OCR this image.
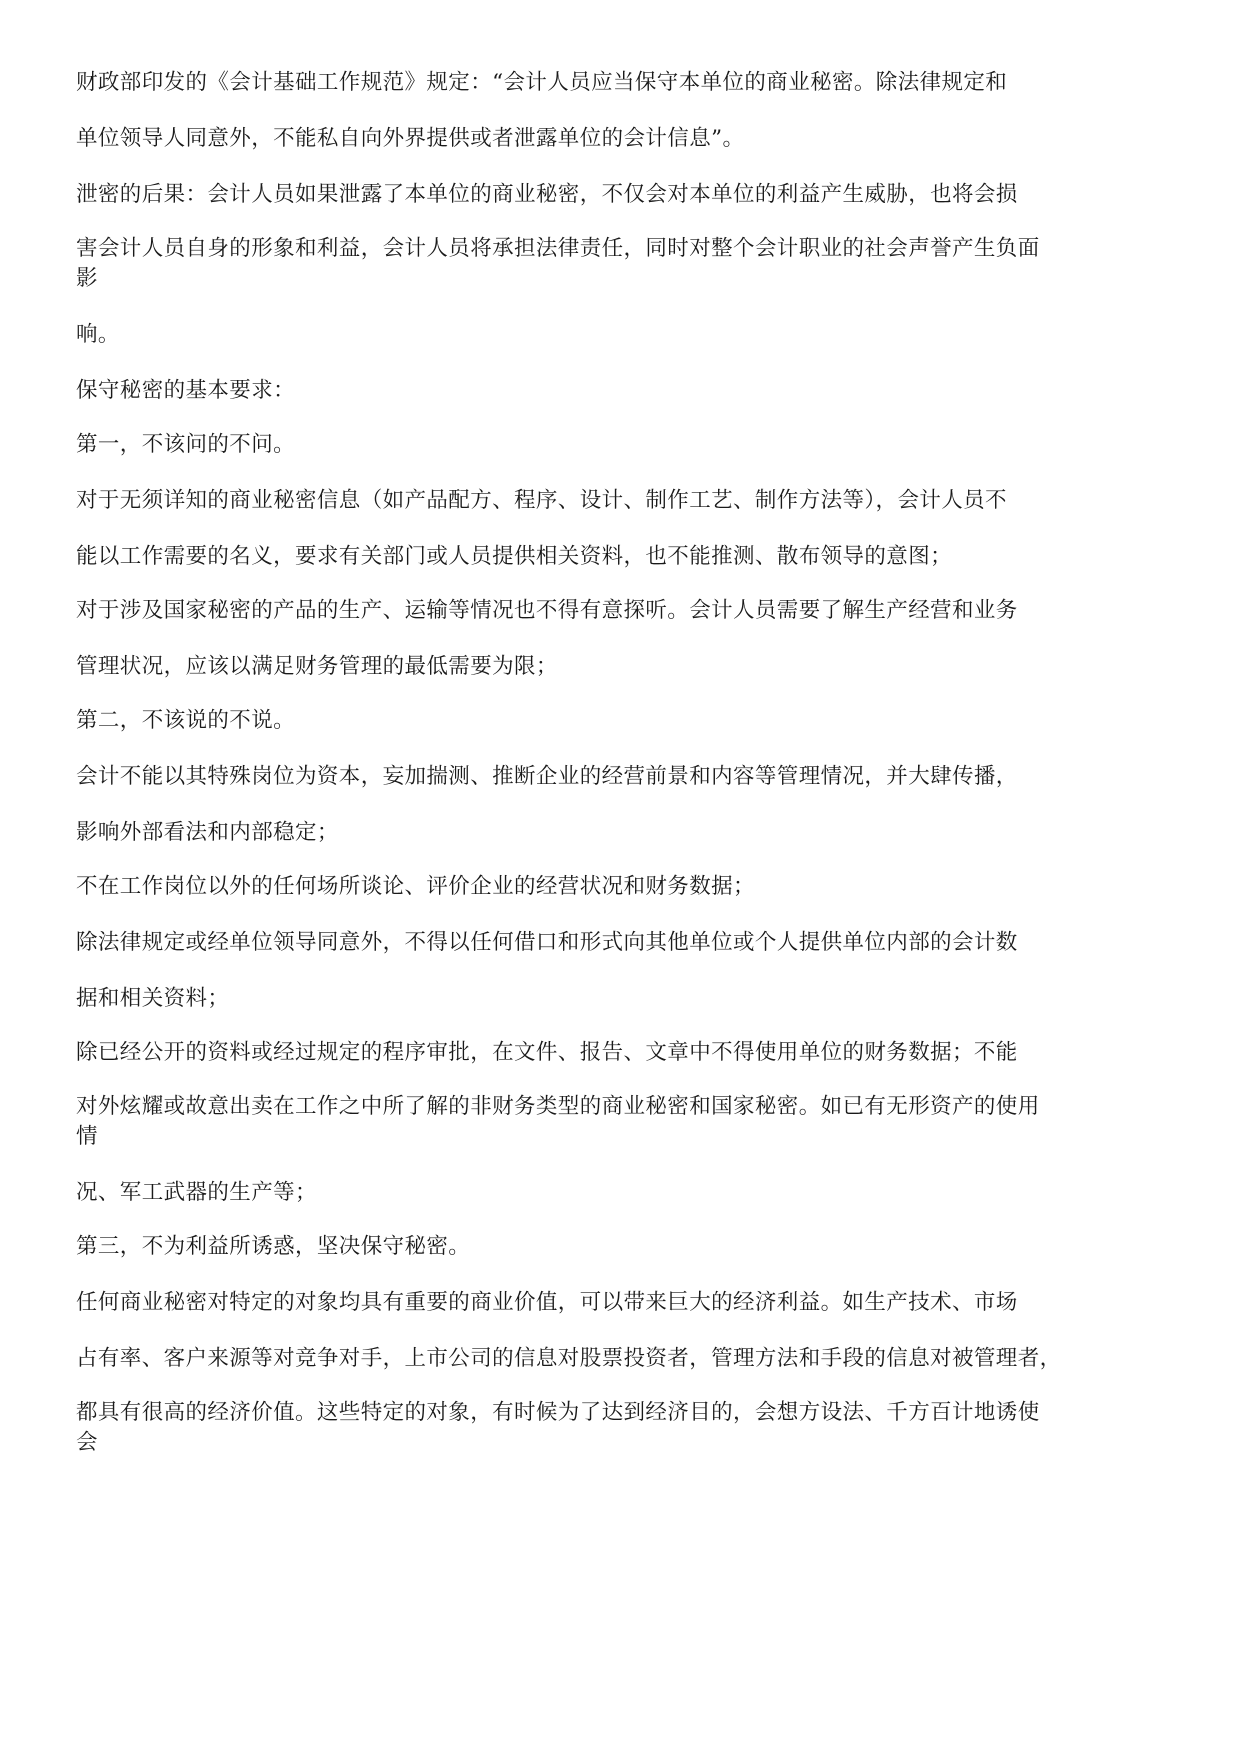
财政部印发的《会计基础工作规范》规定：“会计人员应当保守本单位的商业秘密。除法律规定和
单位领导人同意外，不能私自向外界提供或者泄露单位的会计信息”。
泄密的后果：会计人员如果泄露了本单位的商业秘密，不仅会对本单位的利益产生威胁，也将会损
害会计人员自身的形象和利益，会计人员将承担法律责任，同时对整个会计职业的社会声誉产生负面
影
响。
保守秘密的基本要求：
第一，不该问的不问。
对于无须详知的商业秘密信息（如产品配方、程序、设计、制作工艺、制作方法等），会计人员不
能以工作需要的名义，要求有关部门或人员提供相关资料，也不能推测、散布领导的意图；
对于涉及国家秘密的产品的生产、运输等情况也不得有意探听。会计人员需要了解生产经营和业务
管理状况，应该以满足财务管理的最低需要为限；
第二，不该说的不说。
会计不能以其特殊岗位为资本，妄加揣测、推断企业的经营前景和内容等管理情况，并大肆传播，
影响外部看法和内部稳定；
不在工作岗位以外的任何场所谈论、评价企业的经营状况和财务数据；
除法律规定或经单位领导同意外，不得以任何借口和形式向其他单位或个人提供单位内部的会计数
据和相关资料；
除已经公开的资料或经过规定的程序审批，在文件、报告、文章中不得使用单位的财务数据；不能
对外炫耀或故意出卖在工作之中所了解的非财务类型的商业秘密和国家秘密。如已有无形资产的使用
情
况、军工武器的生产等；
第三，不为利益所诱惑，坚决保守秘密。
任何商业秘密对特定的对象均具有重要的商业价值，可以带来巨大的经济利益。如生产技术、市场
占有率、客户来源等对竞争对手，上市公司的信息对股票投资者，管理方法和手段的信息对被管理者，
都具有很高的经济价值。这些特定的对象，有时候为了达到经济目的，会想方设法、千方百计地诱使
会
